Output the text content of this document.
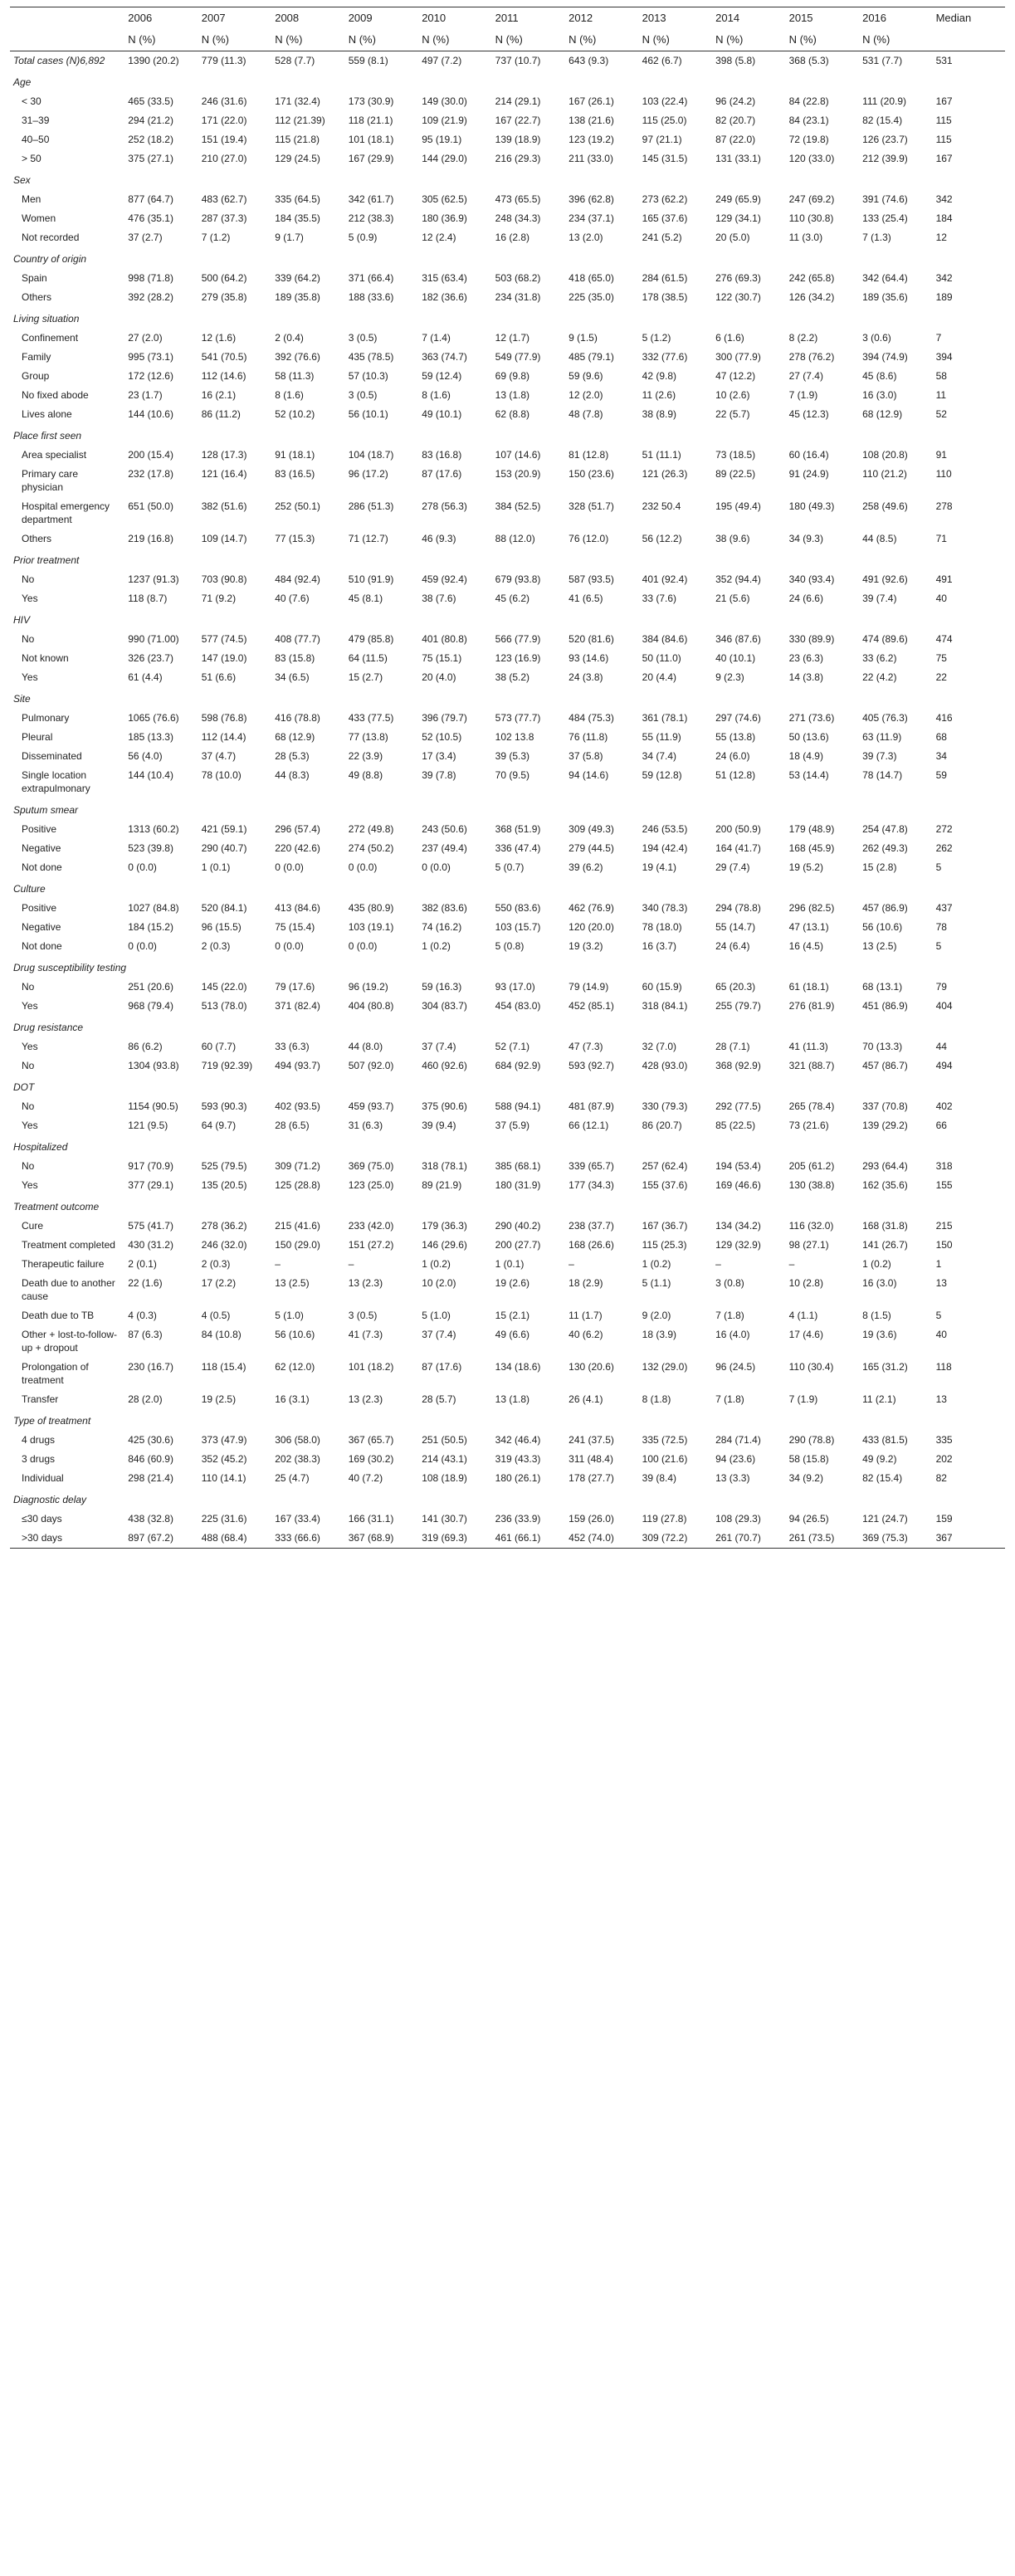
	2006	2007	2008	2009	2010	2011	2012	2013	2014	2015	2016	Median
	N (%)	N (%)	N (%)	N (%)	N (%)	N (%)	N (%)	N (%)	N (%)	N (%)	N (%)	
Total cases (N)6,892	1390 (20.2)	779 (11.3)	528 (7.7)	559 (8.1)	497 (7.2)	737 (10.7)	643 (9.3)	462 (6.7)	398 (5.8)	368 (5.3)	531 (7.7)	531
Age												
< 30	465 (33.5)	246 (31.6)	171 (32.4)	173 (30.9)	149 (30.0)	214 (29.1)	167 (26.1)	103 (22.4)	96 (24.2)	84 (22.8)	111 (20.9)	167
31–39	294 (21.2)	171 (22.0)	112 (21.39)	118 (21.1)	109 (21.9)	167 (22.7)	138 (21.6)	115 (25.0)	82 (20.7)	84 (23.1)	82 (15.4)	115
40–50	252 (18.2)	151 (19.4)	115 (21.8)	101 (18.1)	95 (19.1)	139 (18.9)	123 (19.2)	97 (21.1)	87 (22.0)	72 (19.8)	126 (23.7)	115
> 50	375 (27.1)	210 (27.0)	129 (24.5)	167 (29.9)	144 (29.0)	216 (29.3)	211 (33.0)	145 (31.5)	131 (33.1)	120 (33.0)	212 (39.9)	167
Sex												
Men	877 (64.7)	483 (62.7)	335 (64.5)	342 (61.7)	305 (62.5)	473 (65.5)	396 (62.8)	273 (62.2)	249 (65.9)	247 (69.2)	391 (74.6)	342
Women	476 (35.1)	287 (37.3)	184 (35.5)	212 (38.3)	180 (36.9)	248 (34.3)	234 (37.1)	165 (37.6)	129 (34.1)	110 (30.8)	133 (25.4)	184
Not recorded	37 (2.7)	7 (1.2)	9 (1.7)	5 (0.9)	12 (2.4)	16 (2.8)	13 (2.0)	241 (5.2)	20 (5.0)	11 (3.0)	7 (1.3)	12
Country of origin												
Spain	998 (71.8)	500 (64.2)	339 (64.2)	371 (66.4)	315 (63.4)	503 (68.2)	418 (65.0)	284 (61.5)	276 (69.3)	242 (65.8)	342 (64.4)	342
Others	392 (28.2)	279 (35.8)	189 (35.8)	188 (33.6)	182 (36.6)	234 (31.8)	225 (35.0)	178 (38.5)	122 (30.7)	126 (34.2)	189 (35.6)	189
Living situation												
Confinement	27 (2.0)	12 (1.6)	2 (0.4)	3 (0.5)	7 (1.4)	12 (1.7)	9 (1.5)	5 (1.2)	6 (1.6)	8 (2.2)	3 (0.6)	7
Family	995 (73.1)	541 (70.5)	392 (76.6)	435 (78.5)	363 (74.7)	549 (77.9)	485 (79.1)	332 (77.6)	300 (77.9)	278 (76.2)	394 (74.9)	394
Group	172 (12.6)	112 (14.6)	58 (11.3)	57 (10.3)	59 (12.4)	69 (9.8)	59 (9.6)	42 (9.8)	47 (12.2)	27 (7.4)	45 (8.6)	58
No fixed abode	23 (1.7)	16 (2.1)	8 (1.6)	3 (0.5)	8 (1.6)	13 (1.8)	12 (2.0)	11 (2.6)	10 (2.6)	7 (1.9)	16 (3.0)	11
Lives alone	144 (10.6)	86 (11.2)	52 (10.2)	56 (10.1)	49 (10.1)	62 (8.8)	48 (7.8)	38 (8.9)	22 (5.7)	45 (12.3)	68 (12.9)	52
Place first seen												
Area specialist	200 (15.4)	128 (17.3)	91 (18.1)	104 (18.7)	83 (16.8)	107 (14.6)	81 (12.8)	51 (11.1)	73 (18.5)	60 (16.4)	108 (20.8)	91
Primary care physician	232 (17.8)	121 (16.4)	83 (16.5)	96 (17.2)	87 (17.6)	153 (20.9)	150 (23.6)	121 (26.3)	89 (22.5)	91 (24.9)	110 (21.2)	110
Hospital emergency department	651 (50.0)	382 (51.6)	252 (50.1)	286 (51.3)	278 (56.3)	384 (52.5)	328 (51.7)	232 50.4	195 (49.4)	180 (49.3)	258 (49.6)	278
Others	219 (16.8)	109 (14.7)	77 (15.3)	71 (12.7)	46 (9.3)	88 (12.0)	76 (12.0)	56 (12.2)	38 (9.6)	34 (9.3)	44 (8.5)	71
Prior treatment												
No	1237 (91.3)	703 (90.8)	484 (92.4)	510 (91.9)	459 (92.4)	679 (93.8)	587 (93.5)	401 (92.4)	352 (94.4)	340 (93.4)	491 (92.6)	491
Yes	118 (8.7)	71 (9.2)	40 (7.6)	45 (8.1)	38 (7.6)	45 (6.2)	41 (6.5)	33 (7.6)	21 (5.6)	24 (6.6)	39 (7.4)	40
HIV												
No	990 (71.00)	577 (74.5)	408 (77.7)	479 (85.8)	401 (80.8)	566 (77.9)	520 (81.6)	384 (84.6)	346 (87.6)	330 (89.9)	474 (89.6)	474
Not known	326 (23.7)	147 (19.0)	83 (15.8)	64 (11.5)	75 (15.1)	123 (16.9)	93 (14.6)	50 (11.0)	40 (10.1)	23 (6.3)	33 (6.2)	75
Yes	61 (4.4)	51 (6.6)	34 (6.5)	15 (2.7)	20 (4.0)	38 (5.2)	24 (3.8)	20 (4.4)	9 (2.3)	14 (3.8)	22 (4.2)	22
Site												
Pulmonary	1065 (76.6)	598 (76.8)	416 (78.8)	433 (77.5)	396 (79.7)	573 (77.7)	484 (75.3)	361 (78.1)	297 (74.6)	271 (73.6)	405 (76.3)	416
Pleural	185 (13.3)	112 (14.4)	68 (12.9)	77 (13.8)	52 (10.5)	102 13.8	76 (11.8)	55 (11.9)	55 (13.8)	50 (13.6)	63 (11.9)	68
Disseminated	56 (4.0)	37 (4.7)	28 (5.3)	22 (3.9)	17 (3.4)	39 (5.3)	37 (5.8)	34 (7.4)	24 (6.0)	18 (4.9)	39 (7.3)	34
Single location extrapulmonary	144 (10.4)	78 (10.0)	44 (8.3)	49 (8.8)	39 (7.8)	70 (9.5)	94 (14.6)	59 (12.8)	51 (12.8)	53 (14.4)	78 (14.7)	59
Sputum smear												
Positive	1313 (60.2)	421 (59.1)	296 (57.4)	272 (49.8)	243 (50.6)	368 (51.9)	309 (49.3)	246 (53.5)	200 (50.9)	179 (48.9)	254 (47.8)	272
Negative	523 (39.8)	290 (40.7)	220 (42.6)	274 (50.2)	237 (49.4)	336 (47.4)	279 (44.5)	194 (42.4)	164 (41.7)	168 (45.9)	262 (49.3)	262
Not done	0 (0.0)	1 (0.1)	0 (0.0)	0 (0.0)	0 (0.0)	5 (0.7)	39 (6.2)	19 (4.1)	29 (7.4)	19 (5.2)	15 (2.8)	5
Culture												
Positive	1027 (84.8)	520 (84.1)	413 (84.6)	435 (80.9)	382 (83.6)	550 (83.6)	462 (76.9)	340 (78.3)	294 (78.8)	296 (82.5)	457 (86.9)	437
Negative	184 (15.2)	96 (15.5)	75 (15.4)	103 (19.1)	74 (16.2)	103 (15.7)	120 (20.0)	78 (18.0)	55 (14.7)	47 (13.1)	56 (10.6)	78
Not done	0 (0.0)	2 (0.3)	0 (0.0)	0 (0.0)	1 (0.2)	5 (0.8)	19 (3.2)	16 (3.7)	24 (6.4)	16 (4.5)	13 (2.5)	5
Drug susceptibility testing												
No	251 (20.6)	145 (22.0)	79 (17.6)	96 (19.2)	59 (16.3)	93 (17.0)	79 (14.9)	60 (15.9)	65 (20.3)	61 (18.1)	68 (13.1)	79
Yes	968 (79.4)	513 (78.0)	371 (82.4)	404 (80.8)	304 (83.7)	454 (83.0)	452 (85.1)	318 (84.1)	255 (79.7)	276 (81.9)	451 (86.9)	404
Drug resistance												
Yes	86 (6.2)	60 (7.7)	33 (6.3)	44 (8.0)	37 (7.4)	52 (7.1)	47 (7.3)	32 (7.0)	28 (7.1)	41 (11.3)	70 (13.3)	44
No	1304 (93.8)	719 (92.39)	494 (93.7)	507 (92.0)	460 (92.6)	684 (92.9)	593 (92.7)	428 (93.0)	368 (92.9)	321 (88.7)	457 (86.7)	494
DOT												
No	1154 (90.5)	593 (90.3)	402 (93.5)	459 (93.7)	375 (90.6)	588 (94.1)	481 (87.9)	330 (79.3)	292 (77.5)	265 (78.4)	337 (70.8)	402
Yes	121 (9.5)	64 (9.7)	28 (6.5)	31 (6.3)	39 (9.4)	37 (5.9)	66 (12.1)	86 (20.7)	85 (22.5)	73 (21.6)	139 (29.2)	66
Hospitalized												
No	917 (70.9)	525 (79.5)	309 (71.2)	369 (75.0)	318 (78.1)	385 (68.1)	339 (65.7)	257 (62.4)	194 (53.4)	205 (61.2)	293 (64.4)	318
Yes	377 (29.1)	135 (20.5)	125 (28.8)	123 (25.0)	89 (21.9)	180 (31.9)	177 (34.3)	155 (37.6)	169 (46.6)	130 (38.8)	162 (35.6)	155
Treatment outcome												
Cure	575 (41.7)	278 (36.2)	215 (41.6)	233 (42.0)	179 (36.3)	290 (40.2)	238 (37.7)	167 (36.7)	134 (34.2)	116 (32.0)	168 (31.8)	215
Treatment completed	430 (31.2)	246 (32.0)	150 (29.0)	151 (27.2)	146 (29.6)	200 (27.7)	168 (26.6)	115 (25.3)	129 (32.9)	98 (27.1)	141 (26.7)	150
Therapeutic failure	2 (0.1)	2 (0.3)	–	–	1 (0.2)	1 (0.1)	–	1 (0.2)	–	–	1 (0.2)	1
Death due to another cause	22 (1.6)	17 (2.2)	13 (2.5)	13 (2.3)	10 (2.0)	19 (2.6)	18 (2.9)	5 (1.1)	3 (0.8)	10 (2.8)	16 (3.0)	13
Death due to TB	4 (0.3)	4 (0.5)	5 (1.0)	3 (0.5)	5 (1.0)	15 (2.1)	11 (1.7)	9 (2.0)	7 (1.8)	4 (1.1)	8 (1.5)	5
Other + lost-to-follow-up + dropout	87 (6.3)	84 (10.8)	56 (10.6)	41 (7.3)	37 (7.4)	49 (6.6)	40 (6.2)	18 (3.9)	16 (4.0)	17 (4.6)	19 (3.6)	40
Prolongation of treatment	230 (16.7)	118 (15.4)	62 (12.0)	101 (18.2)	87 (17.6)	134 (18.6)	130 (20.6)	132 (29.0)	96 (24.5)	110 (30.4)	165 (31.2)	118
Transfer	28 (2.0)	19 (2.5)	16 (3.1)	13 (2.3)	28 (5.7)	13 (1.8)	26 (4.1)	8 (1.8)	7 (1.8)	7 (1.9)	11 (2.1)	13
Type of treatment												
4 drugs	425 (30.6)	373 (47.9)	306 (58.0)	367 (65.7)	251 (50.5)	342 (46.4)	241 (37.5)	335 (72.5)	284 (71.4)	290 (78.8)	433 (81.5)	335
3 drugs	846 (60.9)	352 (45.2)	202 (38.3)	169 (30.2)	214 (43.1)	319 (43.3)	311 (48.4)	100 (21.6)	94 (23.6)	58 (15.8)	49 (9.2)	202
Individual	298 (21.4)	110 (14.1)	25 (4.7)	40 (7.2)	108 (18.9)	180 (26.1)	178 (27.7)	39 (8.4)	13 (3.3)	34 (9.2)	82 (15.4)	82
Diagnostic delay												
≤30 days	438 (32.8)	225 (31.6)	167 (33.4)	166 (31.1)	141 (30.7)	236 (33.9)	159 (26.0)	119 (27.8)	108 (29.3)	94 (26.5)	121 (24.7)	159
>30 days	897 (67.2)	488 (68.4)	333 (66.6)	367 (68.9)	319 (69.3)	461 (66.1)	452 (74.0)	309 (72.2)	261 (70.7)	261 (73.5)	369 (75.3)	367
